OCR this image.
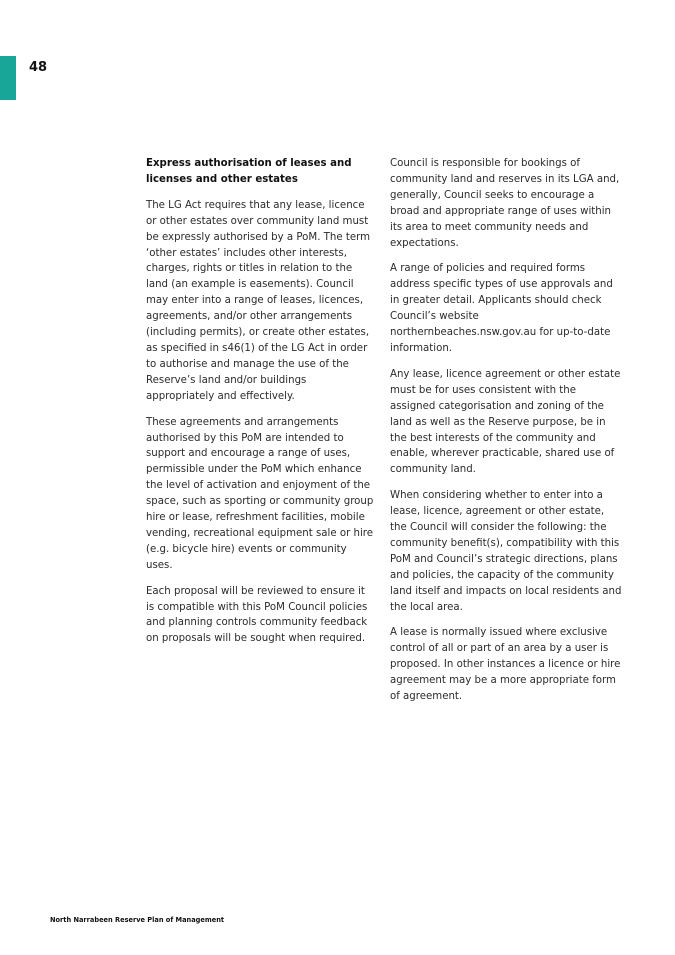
48

Express authorisation of leases and licenses and other estates

The LG Act requires that any lease, licence or other estates over community land must be expressly authorised by a PoM. The term ‘other estates’ includes other interests, charges, rights or titles in relation to the land (an example is easements). Council may enter into a range of leases, licences, agreements, and/or other arrangements (including permits), or create other estates, as specified in s46(1) of the LG Act in order to authorise and manage the use of the Reserve’s land and/or buildings appropriately and effectively.

These agreements and arrangements authorised by this PoM are intended to support and encourage a range of uses, permissible under the PoM which enhance the level of activation and enjoyment of the space, such as sporting or community group hire or lease, refreshment facilities, mobile vending, recreational equipment sale or hire (e.g. bicycle hire) events or community uses.

Each proposal will be reviewed to ensure it is compatible with this PoM Council policies and planning controls community feedback on proposals will be sought when required.

Council is responsible for bookings of community land and reserves in its LGA and, generally, Council seeks to encourage a broad and appropriate range of uses within its area to meet community needs and expectations.

A range of policies and required forms address specific types of use approvals and in greater detail. Applicants should check Council’s website northernbeaches.nsw.gov.au for up-to-date information.

Any lease, licence agreement or other estate must be for uses consistent with the assigned categorisation and zoning of the land as well as the Reserve purpose, be in the best interests of the community and enable, wherever practicable, shared use of community land.

When considering whether to enter into a lease, licence, agreement or other estate, the Council will consider the following: the community benefit(s), compatibility with this PoM and Council’s strategic directions, plans and policies, the capacity of the community land itself and impacts on local residents and the local area.

A lease is normally issued where exclusive control of all or part of an area by a user is proposed. In other instances a licence or hire agreement may be a more appropriate form of agreement.

North Narrabeen Reserve Plan of Management
